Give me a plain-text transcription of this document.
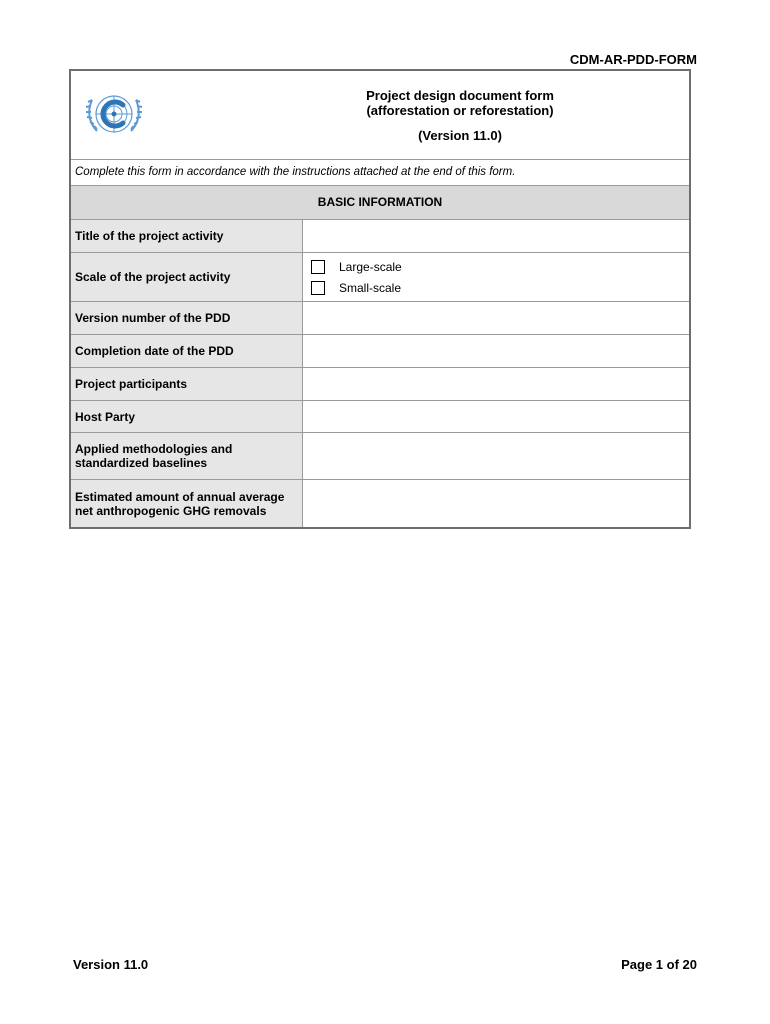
CDM-AR-PDD-FORM
Project design document form
(afforestation or reforestation)
(Version 11.0)
Complete this form in accordance with the instructions attached at the end of this form.
BASIC INFORMATION
Title of the project activity
Scale of the project activity
Large-scale
Small-scale
Version number of the PDD
Completion date of the PDD
Project participants
Host Party
Applied methodologies and standardized baselines
Estimated amount of annual average net anthropogenic GHG removals
Version 11.0	Page 1 of 20
